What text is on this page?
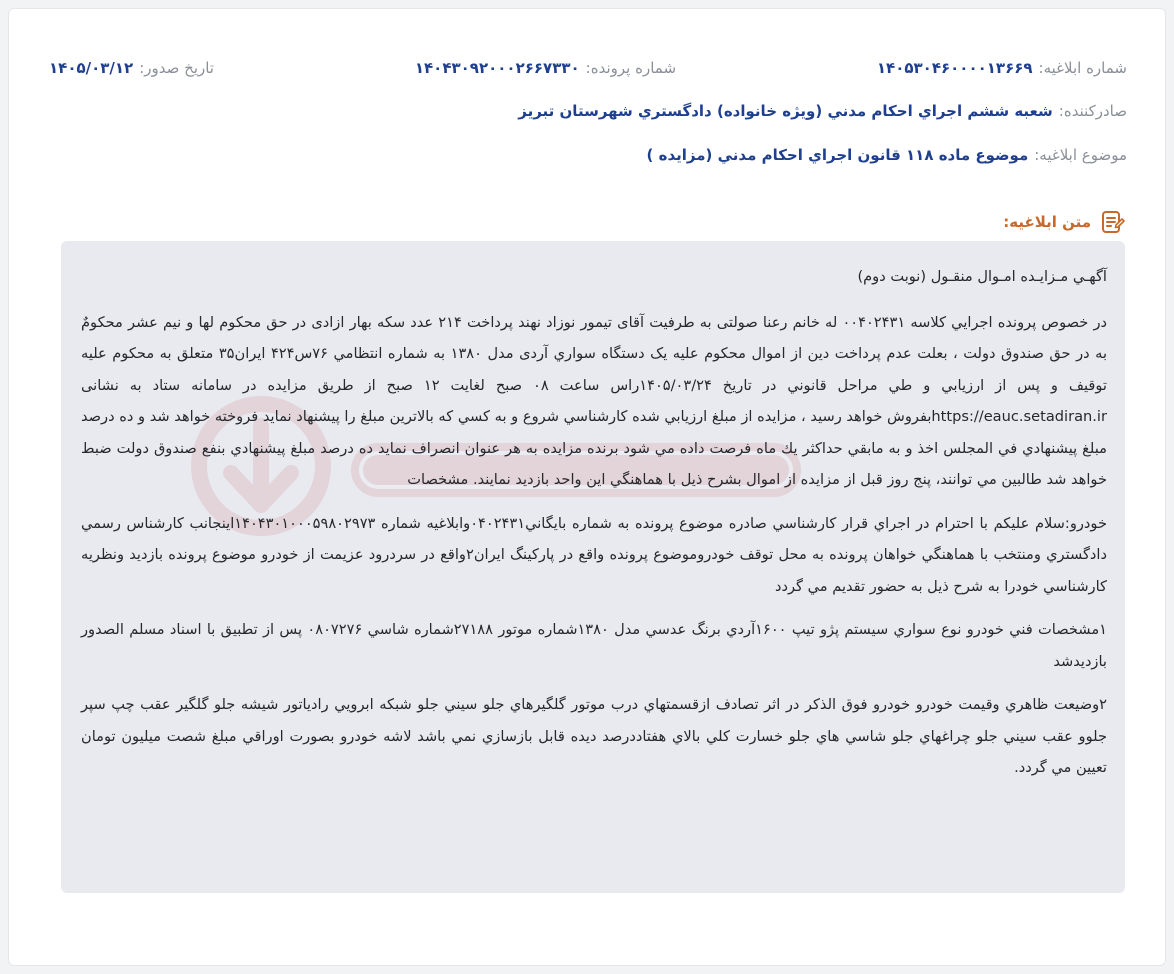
شماره ابلاغيه:
۱۴۰۵۳۰۴۶۰۰۰۰۱۳۶۶۹
شماره پرونده:
۱۴۰۴۳۰۹۲۰۰۰۲۶۶۷۳۳۰
تاريخ صدور:
۱۴۰۵/۰۳/۱۲
صادرکننده:
شعبه ششم اجراي احكام مدني (ويژه خانواده) دادگستري شهرستان تبريز
موضوع ابلاغيه:
موضوع ماده ۱۱۸ قانون اجراي احكام مدني (مزايده )
متن ابلاغيه:

آگهـي مـزايـده امـوال منقـول (نوبت دوم)

در خصوص پرونده اجرايي كلاسه ۰۰۴۰۲۴۳۱ له خانم رعنا صولتی به طرفيت آقای تيمور نوزاد نهند پرداخت ۲۱۴ عدد سكه بهار ازادی در حق محكوم لها و نيم عشر محكومٌ به در حق صندوق دولت ، بعلت عدم پرداخت دين از اموال محكوم عليه يک دستگاه سواري آردی مدل ۱۳۸۰ به شماره انتظامي ۷۶س۴۲۴ ايران۳۵ متعلق به محكوم عليه توقيف و پس از ارزيابي و طي مراحل قانوني در تاريخ ۱۴۰۵/۰۳/۲۴راس ساعت ۰۸ صبح لغايت ۱۲ صبح از طريق مزايده در سامانه ستاد به نشانی https://eauc.setadiran.irبفروش خواهد رسيد ، مزايده از مبلغ ارزيابي شده كارشناسي شروع و به كسي كه بالاترين مبلغ را پيشنهاد نمايد فروخته خواهد شد و ده درصد مبلغ پيشنهادي في المجلس اخذ و به مابقي حداكثر يك ماه فرصت داده مي شود برنده مزايده به هر عنوان انصراف نمايد ده درصد مبلغ پيشنهادي بنفع صندوق دولت ضبط خواهد شد طالبين مي توانند، پنج روز قبل از مزايده از اموال بشرح ذيل با هماهنگي اين واحد بازديد نمايند. مشخصات

خودرو:سلام عليكم با احترام در اجراي قرار كارشناسي صادره موضوع پرونده به شماره بايگاني۰۴۰۲۴۳۱وابلاغيه شماره ۱۴۰۴۳۰۱۰۰۰۵۹۸۰۲۹۷۳اينجانب كارشناس رسمي دادگستري ومنتخب با هماهنگي خواهان پرونده به محل توقف خودروموضوع پرونده واقع در پاركينگ ايران۲واقع در سردرود عزيمت از خودرو موضوع پرونده بازديد ونظريه كارشناسي خودرا به شرح ذيل به حضور تقديم مي گردد

۱مشخصات فني خودرو نوع سواري سيستم پژو تيپ ۱۶۰۰آردي برنگ عدسي مدل ۱۳۸۰شماره موتور ۲۷۱۸۸شماره شاسي ۰۸۰۷۲۷۶ پس از تطبيق با اسناد مسلم الصدور بازديدشد

۲وضيعت ظاهري وقيمت خودرو خودرو فوق الذكر در اثر تصادف ازقسمتهاي درب موتور گلگيرهاي جلو سيني جلو شبكه ابرويي رادياتور شيشه جلو گلگير عقب چپ سپر جلوو عقب سيني جلو چراغهاي جلو شاسي هاي جلو خسارت كلي بالاي هفتاددرصد ديده قابل بازسازي نمي باشد لاشه خودرو بصورت اوراقي مبلغ شصت ميليون تومان تعيين مي گردد.
